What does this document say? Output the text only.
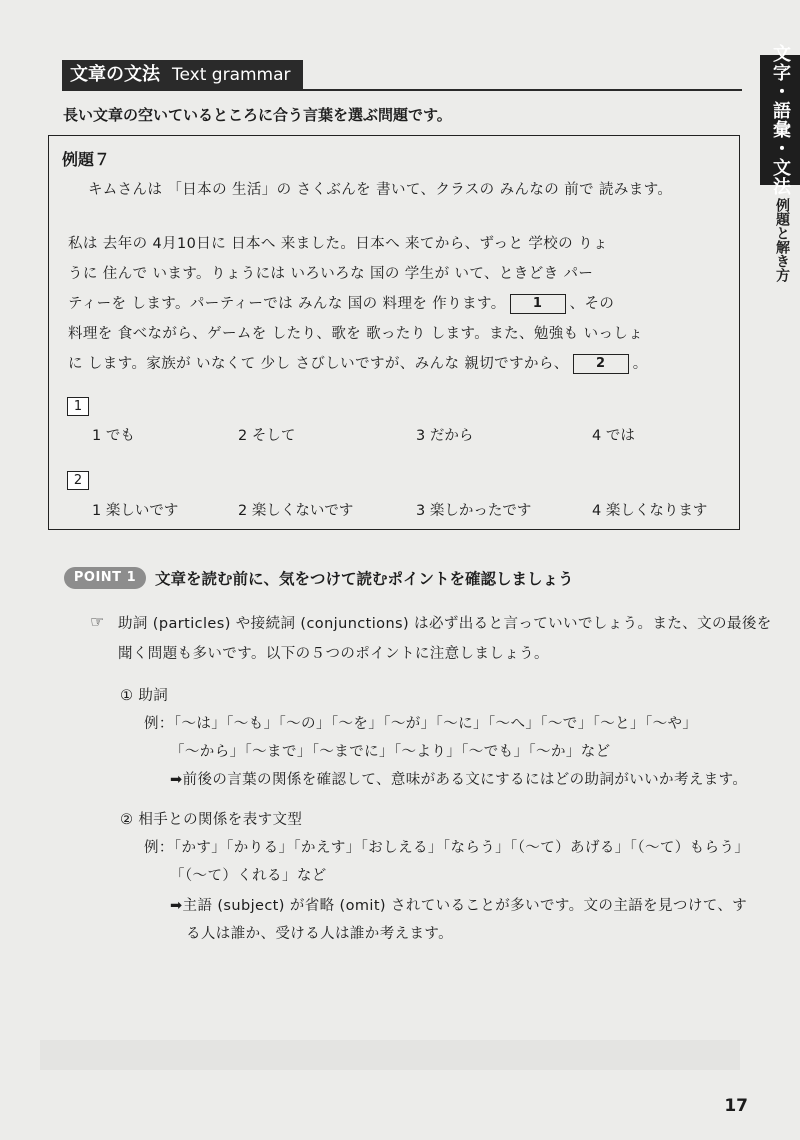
文章の文法 Text grammar
長い文章の空いているところに合う言葉を選ぶ問題です。	文字・語彙・文法
例題と解き方
例題７
キムさんは 「日本の 生活」の さくぶんを 書いて、クラスの みんなの 前で 読みます。
私は 去年の 4月10日に 日本へ 来ました。日本へ 来てから、ずっと 学校の りょ
うに 住んで います。りょうには いろいろな 国の 学生が いて、ときどき パー
ティーを します。パーティーでは みんな 国の 料理を 作ります。 1 、その
料理を 食べながら、ゲームを したり、歌を 歌ったり します。また、勉強も いっしょ
に します。家族が いなくて 少し さびしいですが、みんな 親切ですから、 2 。
1
1 でも	2 そして	3 だから	4 では
2
1 楽しいです	2 楽しくないです	3 楽しかったです	4 楽しくなります
POINT 1	文章を読む前に、気をつけて読むポイントを確認しましょう
☞ 助詞 (particles) や接続詞 (conjunctions) は必ず出ると言っていいでしょう。また、文の最後を
聞く問題も多いです。以下の５つのポイントに注意しましょう。
① 助詞
例：「～は」「～も」「～の」「～を」「～が」「～に」「～へ」「～で」「～と」「～や」
「～から」「～まで」「～までに」「～より」「～でも」「～か」など
➡前後の言葉の関係を確認して、意味がある文にするにはどの助詞がいいか考えます。
② 相手との関係を表す文型
例：「かす」「かりる」「かえす」「おしえる」「ならう」「（～て）あげる」「（～て）もらう」
「（～て）くれる」など
➡主語 (subject) が省略 (omit) されていることが多いです。文の主語を見つけて、す
る人は誰か、受ける人は誰か考えます。
17
